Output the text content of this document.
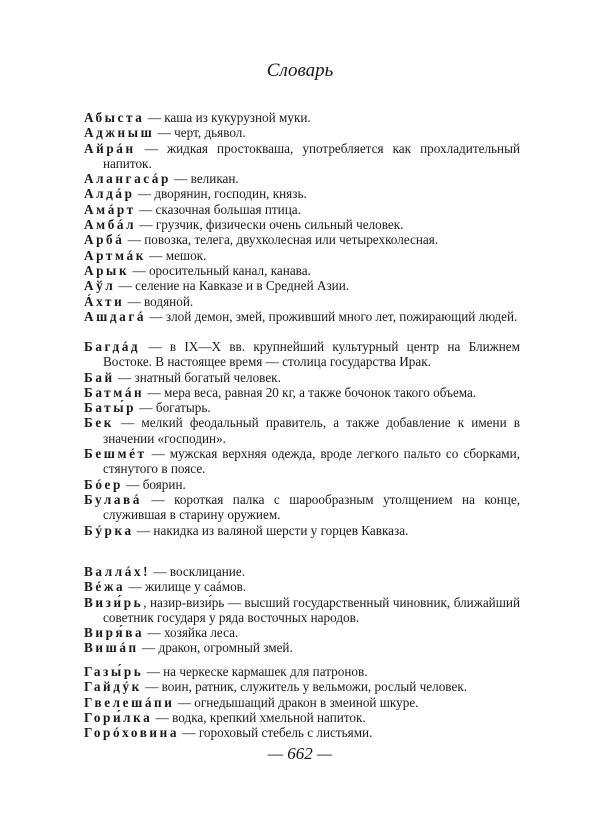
Словарь

Абыста — каша из кукурузной муки.

Аджныш — черт, дьявол.

Айрáн — жидкая простокваша, употребляется как прохладительный напиток.

Алангасáр — великан.

Алдáр — дворянин, господин, князь.

Амáрт — сказочная большая птица.

Амбáл — грузчик, физически очень сильный человек.

Арбá — повозка, телега, двухколесная или четырехколесная.

Артмáк — мешок.

Арык — оросительный канал, канава.

Аўл — селение на Кавказе и в Средней Азии.

Áхти — водяной.

Ашдагá — злой демон, змей, проживший много лет, пожирающий людей.

Багдáд — в IX—X вв. крупнейший культурный центр на Ближнем Востоке. В настоящее время — столица государства Ирак.

Бай — знатный богатый человек.

Батмáн — мера веса, равная 20 кг, а также бочонок такого объема.

Баты́р — богатырь.

Бек — мелкий феодальный правитель, а также добавление к имени в значении «господин».

Бешмéт — мужская верхняя одежда, вроде легкого пальто со сборками, стянутого в поясе.

Бóер — боярин.

Булавá — короткая палка с шарообразным утолщением на конце, служившая в старину оружием.

Бýрка — накидка из валяной шерсти у горцев Кавказа.

Валлáх! — восклицание.

Вéжа — жилище у саáмов.

Визи́рь, назир-визи́рь — высший государственный чиновник, ближайший советник государя у ряда восточных народов.

Виря́ва — хозяйка леса.

Вишáп — дракон, огромный змей.

Газы́рь — на черкеске кармашек для патронов.

Гайдýк — воин, ратник, служитель у вельможи, рослый человек.

Гвелешáпи — огнедышащий дракон в змеиной шкуре.

Гори́лка — водка, крепкий хмельной напиток.

Горóховина — гороховый стебель с листьями.

— 662 —
